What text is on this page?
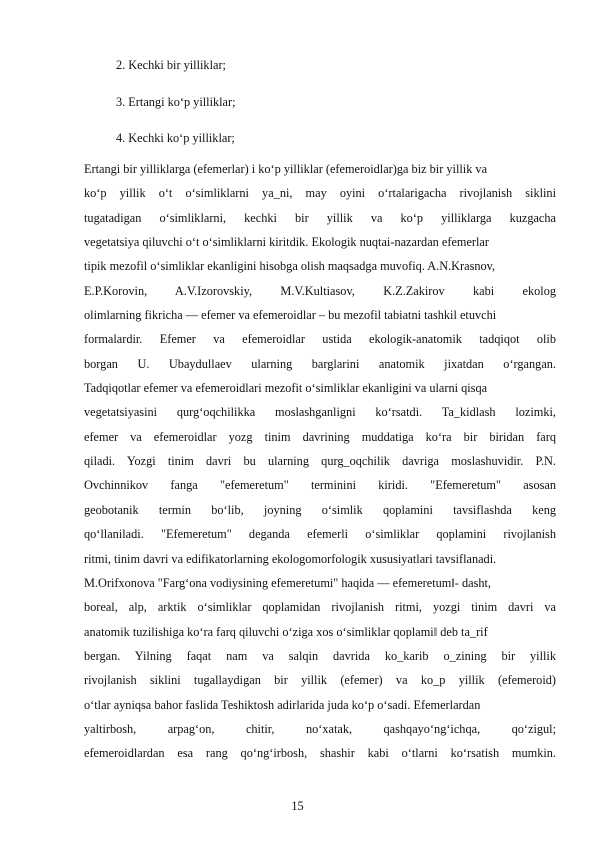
2. Kechki bir yilliklar;
3. Ertangi ko‘p yilliklar;
4. Kechki ko‘p yilliklar;
Ertangi bir yilliklarga (efemerlar) i ko‘p yilliklar (efemeroidlar)ga biz bir yillik va
ko‘p yillik o‘t o‘simliklarni ya_ni, may oyini o‘rtalarigacha rivojlanish siklini
tugatadigan o‘simliklarni, kechki bir yillik va ko‘p yilliklarga kuzgacha
vegetatsiya qiluvchi o‘t o‘simliklarni kiritdik. Ekologik nuqtai-nazardan efemerlar
tipik mezofil o‘simliklar ekanligini hisobga olish maqsadga muvofiq. A.N.Krasnov,
E.P.Korovin, A.V.Izorovskiy, M.V.Kultiasov, K.Z.Zakirov kabi ekolog
olimlarning fikricha — efemer va efemeroidlar – bu mezofil tabiatni tashkil etuvchi
formalardir. Efemer va efemeroidlar ustida ekologik-anatomik tadqiqot olib
borgan U. Ubaydullaev ularning barglarini anatomik jixatdan o‘rgangan.
Tadqiqotlar efemer va efemeroidlari mezofit o‘simliklar ekanligini va ularni qisqa
vegetatsiyasini qurg‘oqchilikka moslashganligni ko‘rsatdi. Ta_kidlash lozimki,
efemer va efemeroidlar yozg tinim davrining muddatiga ko‘ra bir biridan farq
qiladi. Yozgi tinim davri bu ularning qurg_oqchilik davriga moslashuvidir. P.N.
Ovchinnikov fanga "efemeretum" terminini kiridi. "Efemeretum" asosan
geobotanik termin bo‘lib, joyning o‘simlik qoplamini tavsiflashda keng
qo‘llaniladi. "Efemeretum" deganda efemerli o‘simliklar qoplamini rivojlanish
ritmi, tinim davri va edifikatorlarning ekologomorfologik xususiyatlari tavsiflanadi.
M.Orifxonova "Farg‘ona vodiysining efemeretumi" haqida — efemeretum‖- dasht,
boreal, alp, arktik o‘simliklar qoplamidan rivojlanish ritmi, yozgi tinim davri va
anatomik tuzilishiga ko‘ra farq qiluvchi o‘ziga xos o‘simliklar qoplami‖ deb ta_rif
bergan. Yilning faqat nam va salqin davrida ko_karib o_zining bir yillik
rivojlanish siklini tugallaydigan bir yillik (efemer) va ko_p yillik (efemeroid)
o‘tlar ayniqsa bahor faslida Teshiktosh adirlarida juda ko‘p o‘sadi. Efemerlardan
yaltirbosh, arpag‘on, chitir, no‘xatak, qashqayo‘ng‘ichqa, qo‘zigul;
efemeroidlardan esa rang qo‘ng‘irbosh, shashir kabi o‘tlarni ko‘rsatish mumkin.
15
